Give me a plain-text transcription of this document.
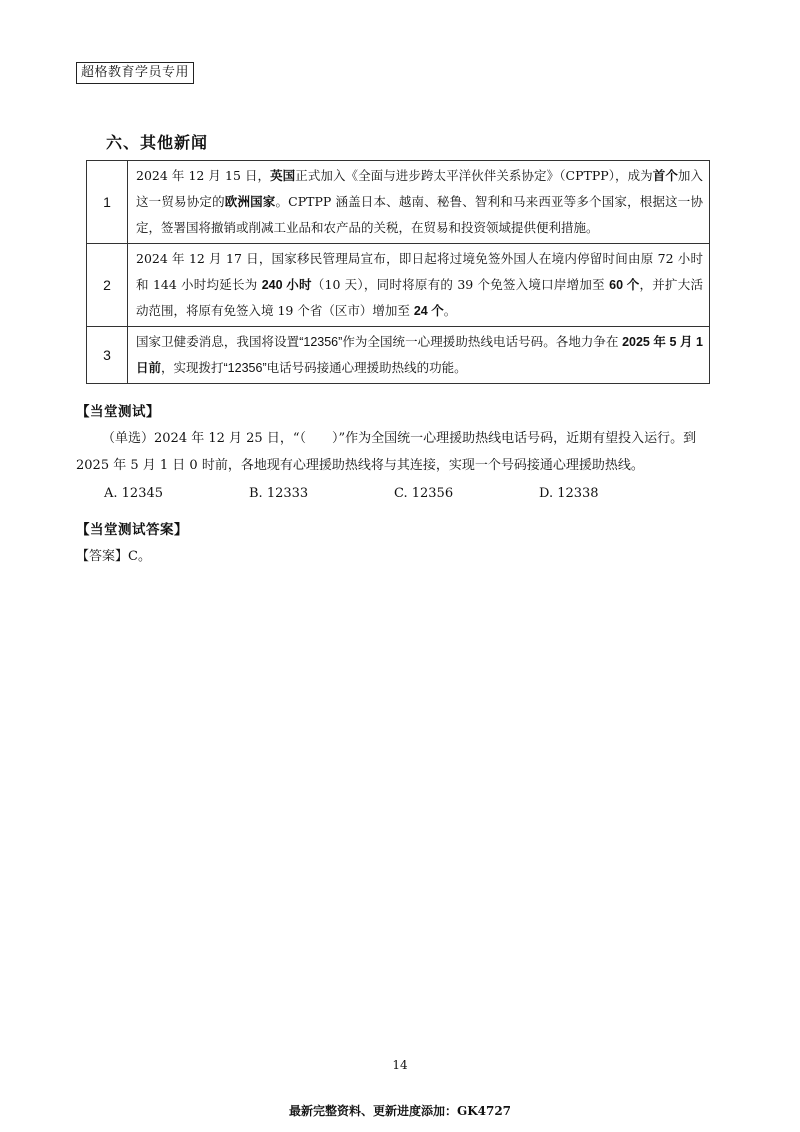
超格教育学员专用
六、其他新闻
1	2024 年 12 月 15 日，英国正式加入《全面与进步跨太平洋伙伴关系协定》（CPTPP），成为首个加入这一贸易协定的欧洲国家。CPTPP 涵盖日本、越南、秘鲁、智利和马来西亚等多个国家，根据这一协定，签署国将撤销或削减工业品和农产品的关税，在贸易和投资领域提供便利措施。
2	2024 年 12 月 17 日，国家移民管理局宣布，即日起将过境免签外国人在境内停留时间由原 72 小时和 144 小时均延长为 240 小时（10 天），同时将原有的 39 个免签入境口岸增加至 60 个，并扩大活动范围，将原有免签入境 19 个省（区市）增加至 24 个。
3	国家卫健委消息，我国将设置“12356”作为全国统一心理援助热线电话号码。各地力争在 2025 年 5 月 1 日前，实现拨打“12356”电话号码接通心理援助热线的功能。
【当堂测试】
（单选）2024 年 12 月 25 日，“（　　）”作为全国统一心理援助热线电话号码，近期有望投入运行。到
2025 年 5 月 1 日 0 时前，各地现有心理援助热线将与其连接，实现一个号码接通心理援助热线。
A. 12345	B. 12333	C. 12356	D. 12338
【当堂测试答案】
【答案】C。
14
最新完整资料、更新进度添加：GK4727
